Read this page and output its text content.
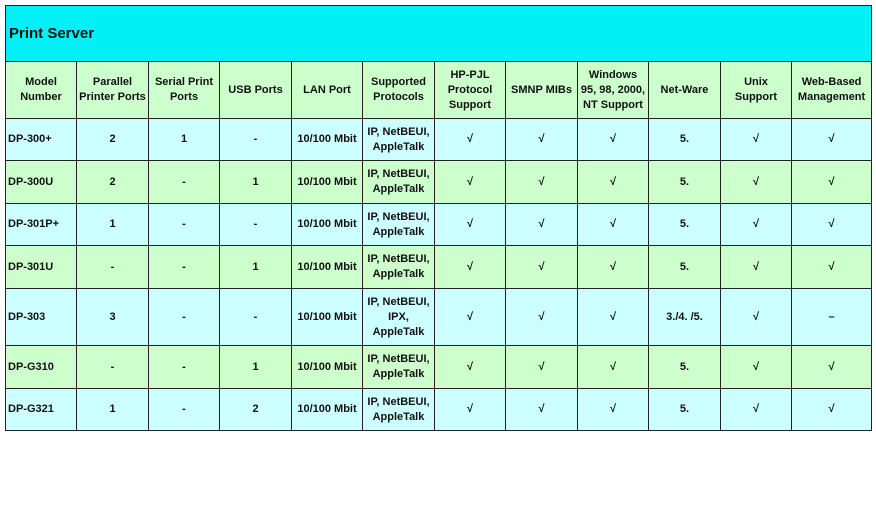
Print Server											
Model Number	Parallel Printer Ports	Serial Print Ports	USB Ports	LAN Port	Supported Protocols	HP-PJL Protocol Support	SMNP MIBs	Windows 95, 98, 2000, NT Support	Net-Ware	Unix Support	Web-Based Management
DP-300+	2	1	-	10/100 Mbit	IP, NetBEUI, AppleTalk	√	√	√	5.	√	√
DP-300U	2	-	1	10/100 Mbit	IP, NetBEUI, AppleTalk	√	√	√	5.	√	√
DP-301P+	1	-	-	10/100 Mbit	IP, NetBEUI, AppleTalk	√	√	√	5.	√	√
DP-301U	-	-	1	10/100 Mbit	IP, NetBEUI, AppleTalk	√	√	√	5.	√	√
DP-303	3	-	-	10/100 Mbit	IP, NetBEUI, IPX, AppleTalk	√	√	√	3./4. /5.	√	–
DP-G310	-	-	1	10/100 Mbit	IP, NetBEUI, AppleTalk	√	√	√	5.	√	√
DP-G321	1	-	2	10/100 Mbit	IP, NetBEUI, AppleTalk	√	√	√	5.	√	√
